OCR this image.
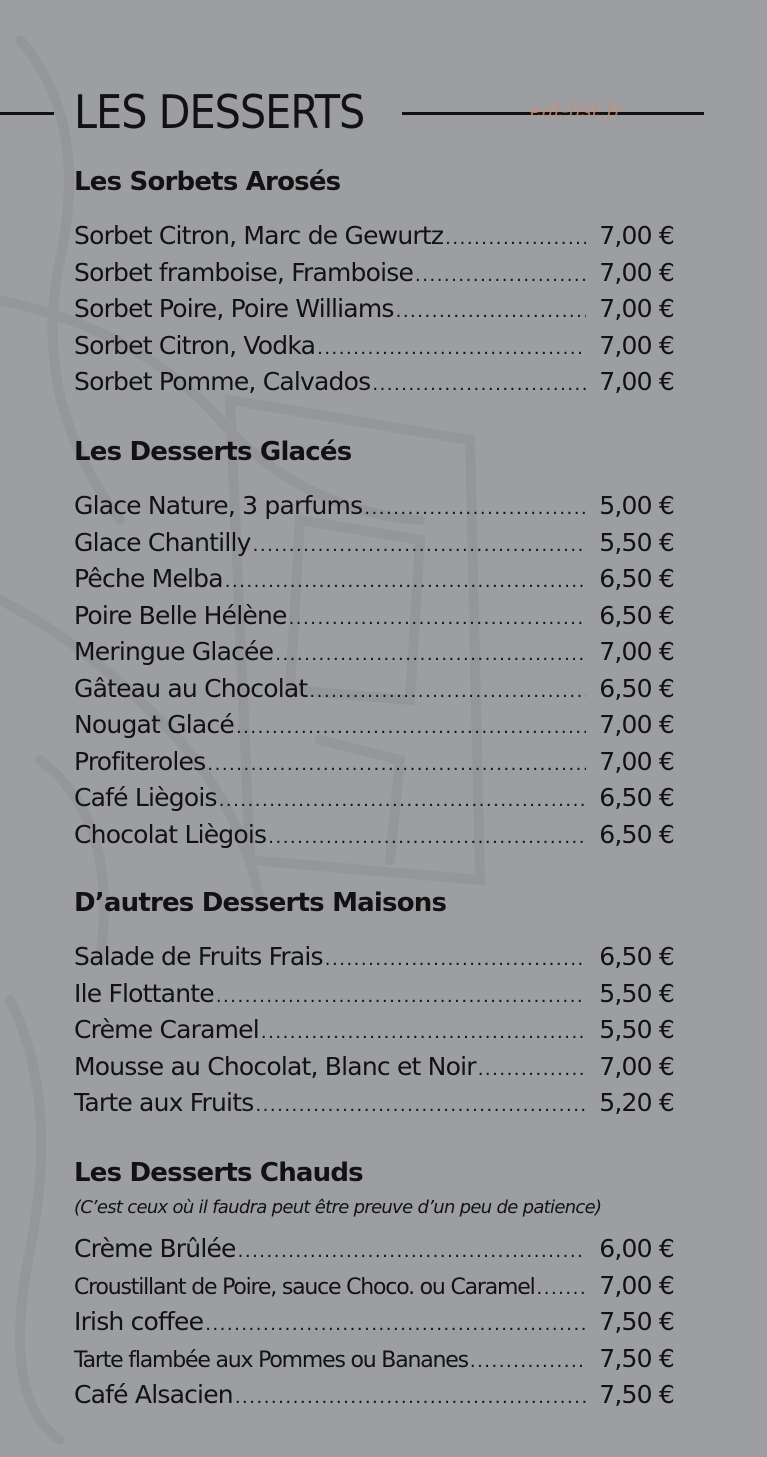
LES DESSERTS	eat-list.fr
Les Sorbets Arosés
Sorbet Citron, Marc de Gewurtz .....	7,00 €
Sorbet framboise, Framboise .....	7,00 €
Sorbet Poire, Poire Williams .....	7,00 €
Sorbet Citron, Vodka .....	7,00 €
Sorbet Pomme, Calvados .....	7,00 €
Les Desserts Glacés
Glace Nature, 3 parfums .....	5,00 €
Glace Chantilly .....	5,50 €
Pêche Melba .....	6,50 €
Poire Belle Hélène .....	6,50 €
Meringue Glacée .....	7,00 €
Gâteau au Chocolat .....	6,50 €
Nougat Glacé .....	7,00 €
Profiteroles .....	7,00 €
Café Liègois .....	6,50 €
Chocolat Liègois .....	6,50 €
D’autres Desserts Maisons
Salade de Fruits Frais .....	6,50 €
Ile Flottante .....	5,50 €
Crème Caramel .....	5,50 €
Mousse au Chocolat, Blanc et Noir .....	7,00 €
Tarte aux Fruits .....	5,20 €
Les Desserts Chauds
(C’est ceux où il faudra peut être preuve d’un peu de patience)
Crème Brûlée .....	6,00 €
Croustillant de Poire, sauce Choco. ou Caramel .....	7,00 €
Irish coffee .....	7,50 €
Tarte flambée aux Pommes ou Bananes .....	7,50 €
Café Alsacien .....	7,50 €
